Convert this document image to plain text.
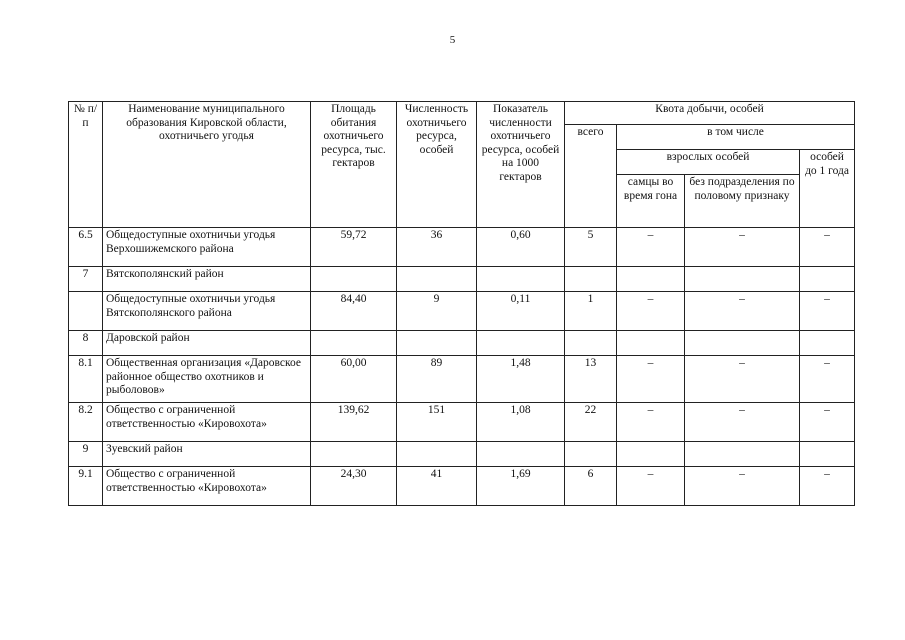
5
№ п/п	Наименование муниципального образования Кировской области, охотничьего угодья	Площадь обитания охотничьего ресурса, тыс. гектаров	Численность охотничьего ресурса, особей	Показатель численности охотничьего ресурса, особей на 1000 гектаров	Квота добычи, особей			
					всего	в том числе		
						взрослых особей		особей до 1 года
						самцы во время гона	без подразделения по половому признаку	
6.5	Общедоступные охотничьи угодья Верхошижемского района	59,72	36	0,60	5	–	–	–
7	Вятскополянский район							
	Общедоступные охотничьи угодья Вятскополянского района	84,40	9	0,11	1	–	–	–
8	Даровской район							
8.1	Общественная организация «Даровское районное общество охотников и рыболовов»	60,00	89	1,48	13	–	–	–
8.2	Общество с ограниченной ответственностью «Кировохота»	139,62	151	1,08	22	–	–	–
9	Зуевский район							
9.1	Общество с ограниченной ответственностью «Кировохота»	24,30	41	1,69	6	–	–	–
